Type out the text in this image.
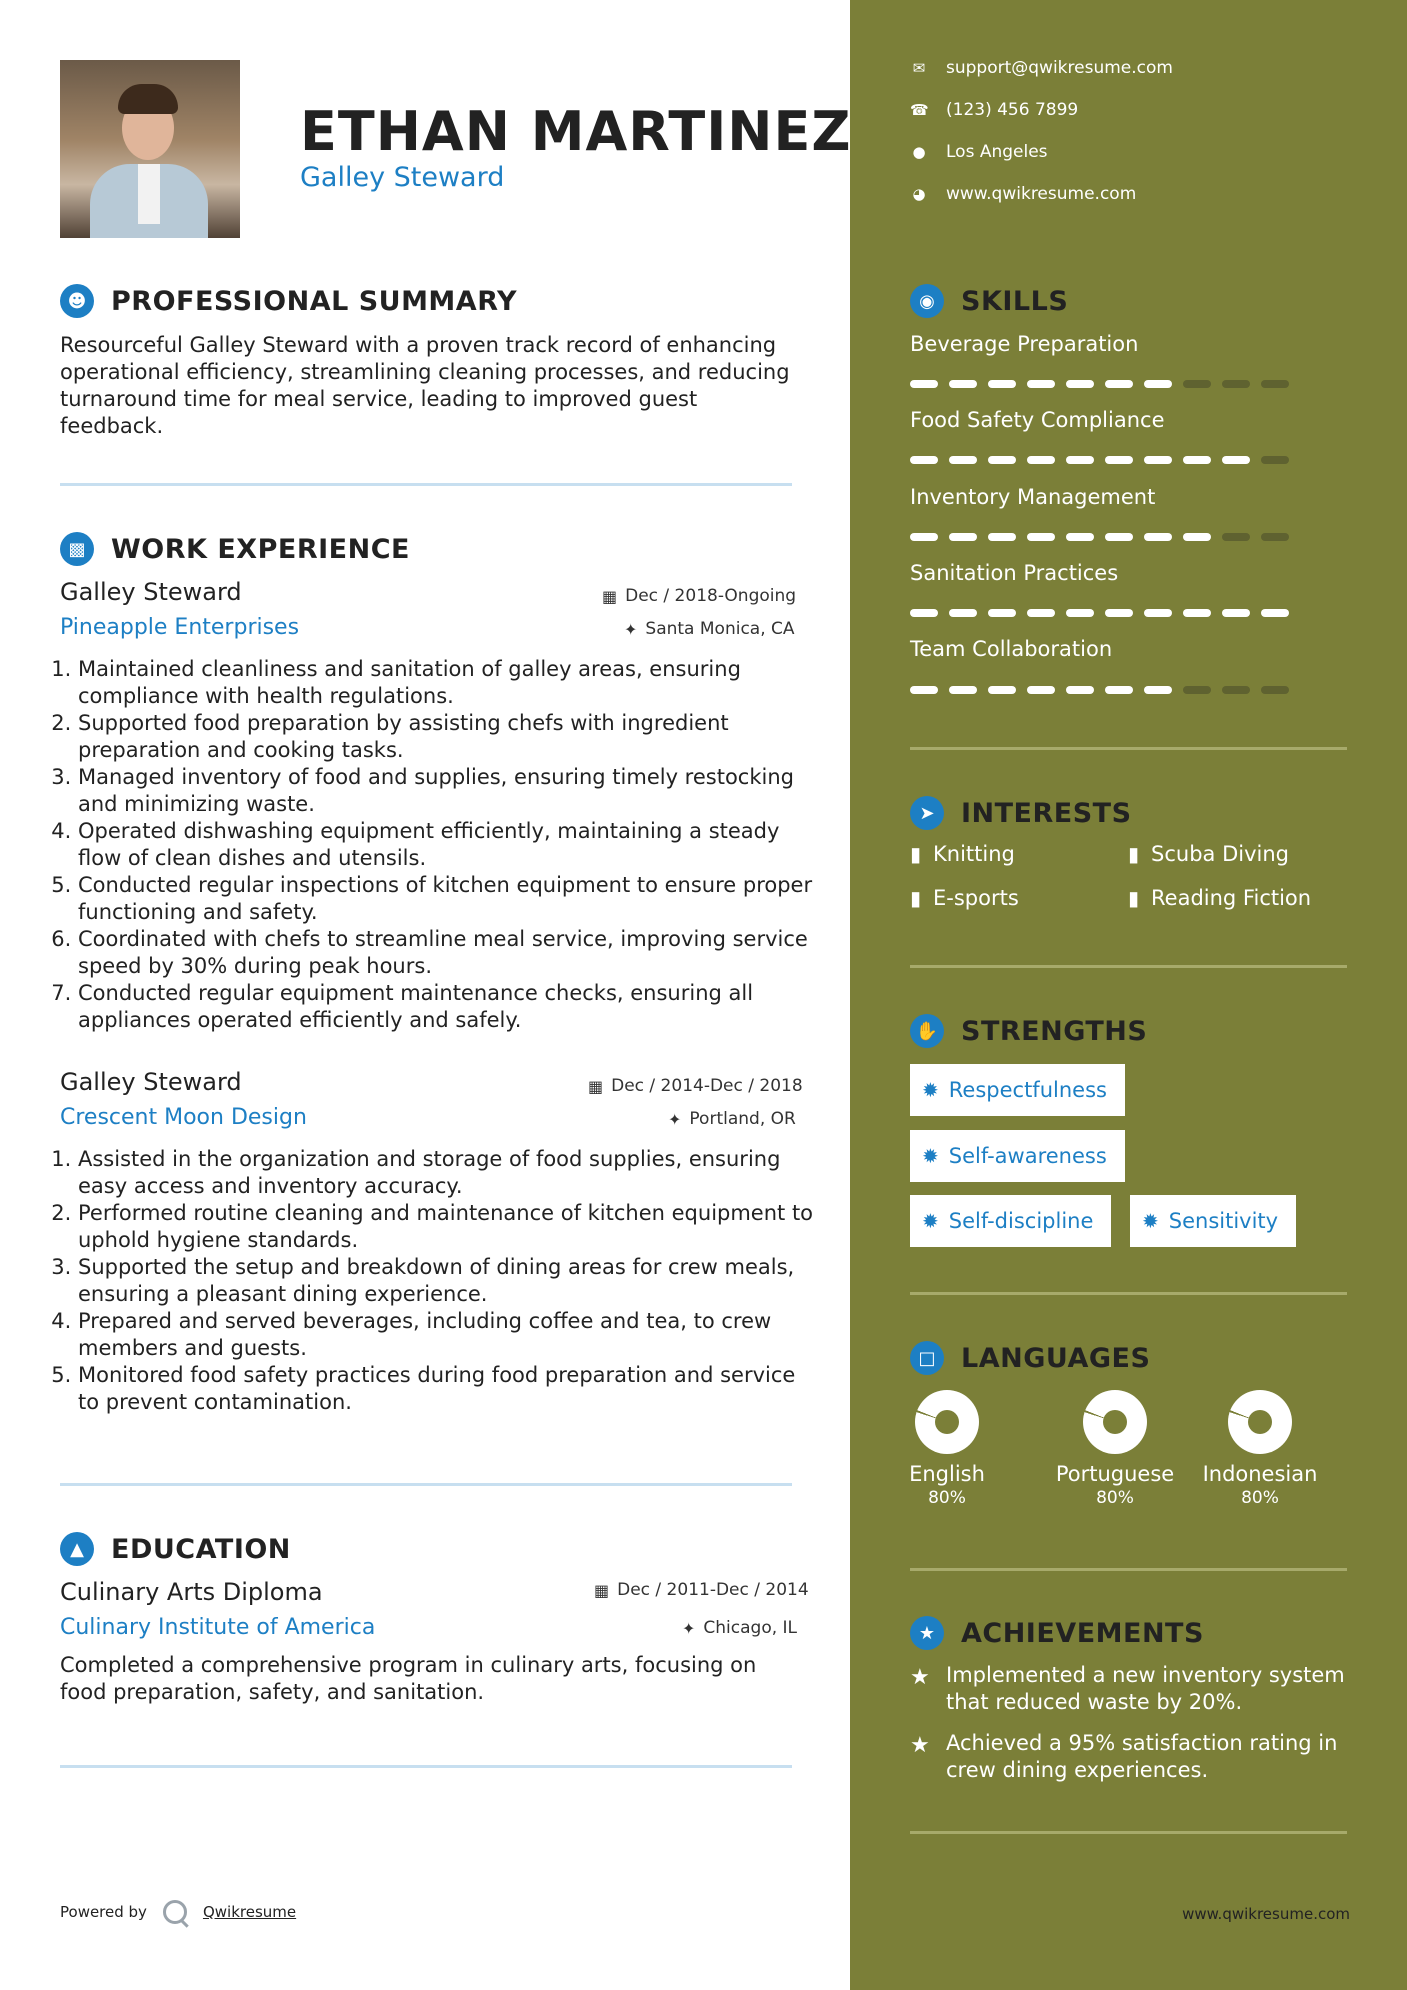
ETHAN MARTINEZ
Galley Steward
☻ PROFESSIONAL SUMMARY
Resourceful Galley Steward with a proven track record of enhancing operational efficiency, streamlining cleaning processes, and reducing turnaround time for meal service, leading to improved guest feedback.
▩ WORK EXPERIENCE
Galley Steward
Pineapple Enterprises
▦ Dec / 2018-Ongoing
✦ Santa Monica, CA
1. Maintained cleanliness and sanitation of galley areas, ensuring compliance with health regulations.
2. Supported food preparation by assisting chefs with ingredient preparation and cooking tasks.
3. Managed inventory of food and supplies, ensuring timely restocking and minimizing waste.
4. Operated dishwashing equipment efficiently, maintaining a steady flow of clean dishes and utensils.
5. Conducted regular inspections of kitchen equipment to ensure proper functioning and safety.
6. Coordinated with chefs to streamline meal service, improving service speed by 30% during peak hours.
7. Conducted regular equipment maintenance checks, ensuring all appliances operated efficiently and safely.
Galley Steward
Crescent Moon Design
▦ Dec / 2014-Dec / 2018
✦ Portland, OR
1. Assisted in the organization and storage of food supplies, ensuring easy access and inventory accuracy.
2. Performed routine cleaning and maintenance of kitchen equipment to uphold hygiene standards.
3. Supported the setup and breakdown of dining areas for crew meals, ensuring a pleasant dining experience.
4. Prepared and served beverages, including coffee and tea, to crew members and guests.
5. Monitored food safety practices during food preparation and service to prevent contamination.
▲	EDUCATION
Culinary Arts Diploma
Culinary Institute of America
▦ Dec / 2011-Dec / 2014
✦ Chicago, IL
Completed a comprehensive program in culinary arts, focusing on food preparation, safety, and sanitation.
Powered by	Qwikresume	www.qwikresume.com
✉ support@qwikresume.com
☎ (123) 456 7899
● Los Angeles
◕ www.qwikresume.com
◉ SKILLS
Beverage Preparation
Food Safety Compliance
Inventory Management
Sanitation Practices
Team Collaboration
➤ INTERESTS
▮ Knitting	▮ Scuba Diving
▮ E-sports	▮ Reading Fiction
✋ STRENGTHS
✹ Respectfulness
✹ Self-awareness
✹ Self-discipline ✹ Sensitivity
□ LANGUAGES
English
80%
Portuguese
80%
Indonesian
80%
★ ACHIEVEMENTS
★ Implemented a new inventory system that reduced waste by 20%.
★ Achieved a 95% satisfaction rating in crew dining experiences.
